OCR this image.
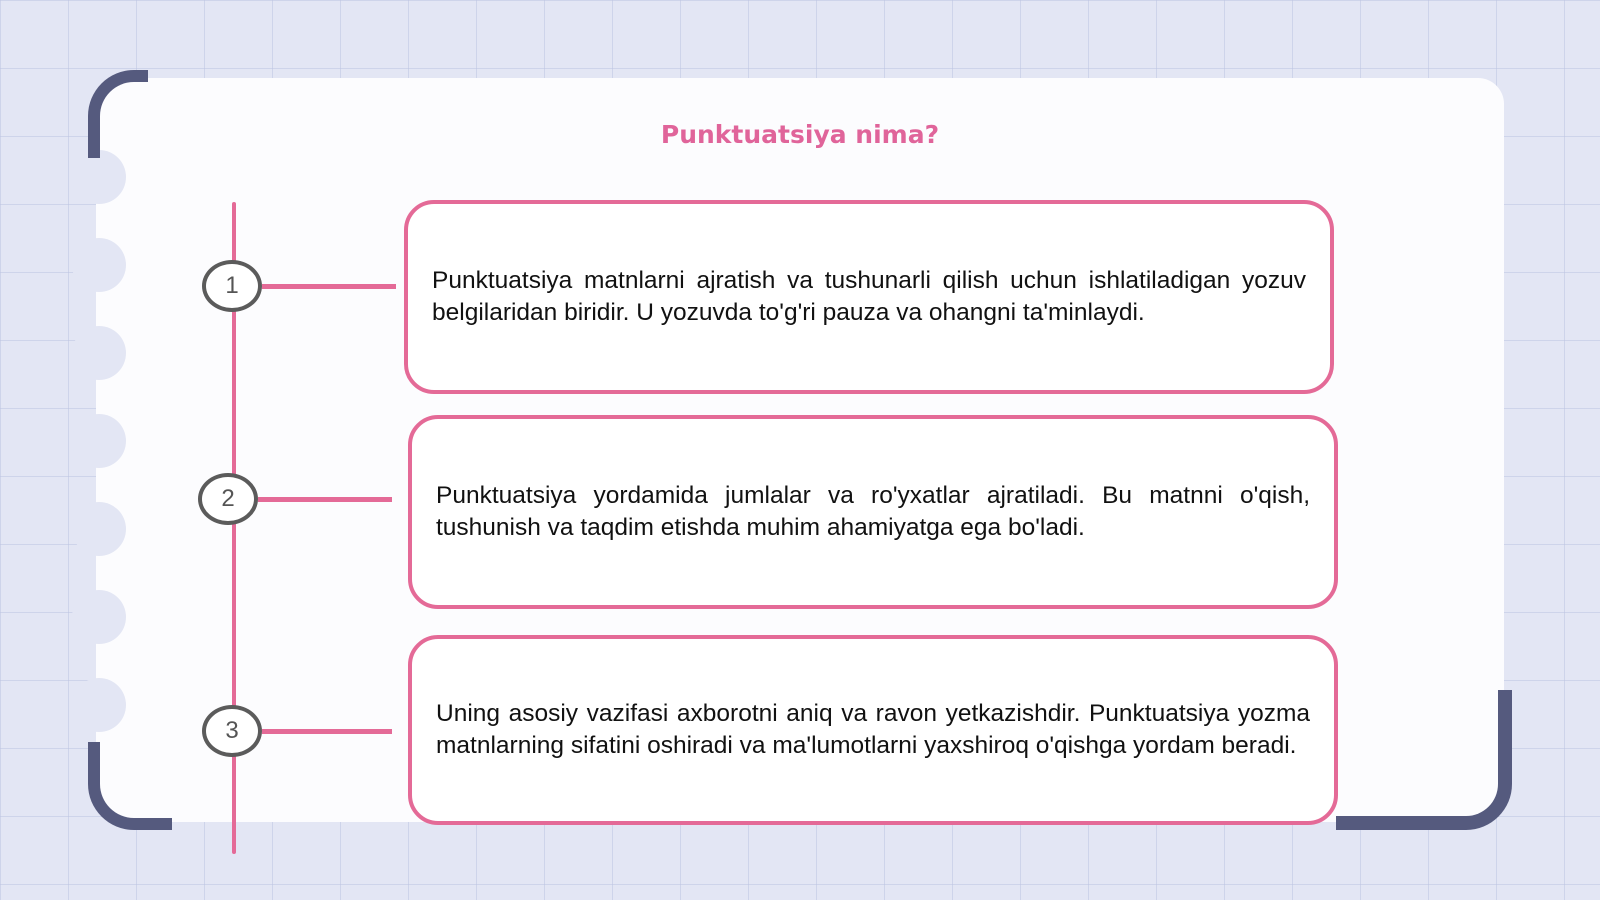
Punktuatsiya nima?
1
2
3
Punktuatsiya matnlarni ajratish va tushunarli qilish uchun ishlatiladigan yozuv belgilaridan biridir. U yozuvda to'g'ri pauza va ohangni ta'minlaydi.
Punktuatsiya yordamida jumlalar va ro'yxatlar ajratiladi. Bu matnni o'qish, tushunish va taqdim etishda muhim ahamiyatga ega bo'ladi.
Uning asosiy vazifasi axborotni aniq va ravon yetkazishdir. Punktuatsiya yozma matnlarning sifatini oshiradi va ma'lumotlarni yaxshiroq o'qishga yordam beradi.
